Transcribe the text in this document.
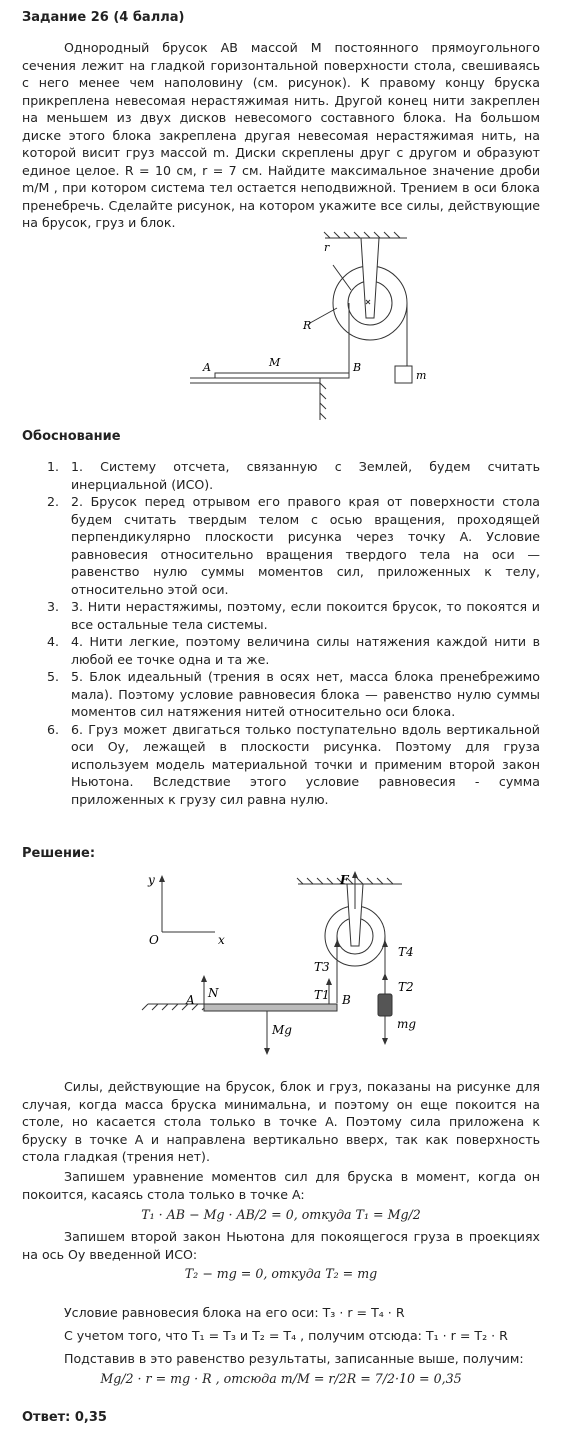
Задание 26 (4 балла)
Однородный брусок АВ массой М постоянного прямоугольного сечения лежит на гладкой горизонтальной поверхности стола, свешиваясь с него менее чем наполовину (см. рисунок). К правому концу бруска прикреплена невесомая нерастяжимая нить. Другой конец нити закреплен на меньшем из двух дисков невесомого составного блока. На большом диске этого блока закреплена другая невесомая нерастяжимая нить, на которой висит груз массой m. Диски скреплены друг с другом и образуют единое целое. R = 10 см, r = 7 см. Найдите максимальное значение дроби m/M , при котором система тел остается неподвижной. Трением в оси блока пренебречь. Сделайте рисунок, на котором укажите все силы, действующие на брусок, груз и блок.
r
R
A	M	B
m
Обоснование
1. 1. Систему отсчета, связанную с Землей, будем считать инерциальной (ИСО).
2. 2. Брусок перед отрывом его правого края от поверхности стола будем считать твердым телом с осью вращения, проходящей перпендикулярно плоскости рисунка через точку A. Условие равновесия относительно вращения твердого тела на оси — равенство нулю суммы моментов сил, приложенных к телу, относительно этой оси.
3. 3. Нити нерастяжимы, поэтому, если покоится брусок, то покоятся и все остальные тела системы.
4. 4. Нити легкие, поэтому величина силы натяжения каждой нити в любой ее точке одна и та же.
5. 5. Блок идеальный (трения в осях нет, масса блока пренебрежимо мала). Поэтому условие равновесия блока — равенство нулю суммы моментов сил натяжения нитей относительно оси блока.
6. 6. Груз может двигаться только поступательно вдоль вертикальной оси Oy, лежащей в плоскости рисунка. Поэтому для груза используем модель материальной точки и применим второй закон Ньютона. Вследствие этого условие равновесия - сумма приложенных к грузу сил равна нулю.
Решение:
y
O	x
F
T4
T3
T1
T2
N
A	B
Mg	mg
Силы, действующие на брусок, блок и груз, показаны на рисунке для случая, когда масса бруска минимальна, и поэтому он еще покоится на столе, но касается стола только в точке A. Поэтому сила приложена к бруску в точке A и направлена вертикально вверх, так как поверхность стола гладкая (трения нет).
Запишем уравнение моментов сил для бруска в момент, когда он покоится, касаясь стола только в точке A:
T₁ · AB − Mg · AB/2 = 0, откуда T₁ = Mg/2
Запишем второй закон Ньютона для покоящегося груза в проекциях на ось Oy введенной ИСО:
T₂ − mg = 0, откуда T₂ = mg
Условие равновесия блока на его оси: T₃ · r = T₄ · R
С учетом того, что T₁ = T₃ и T₂ = T₄ , получим отсюда: T₁ · r = T₂ · R
Подставив в это равенство результаты, записанные выше, получим:
Mg/2 · r = mg · R , отсюда m/M = r/2R = 7/2·10 = 0,35
Ответ: 0,35
